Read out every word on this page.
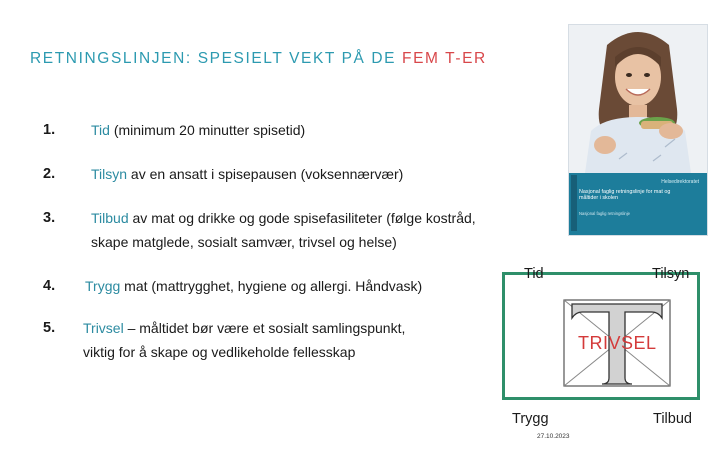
RETNINGSLINJEN: SPESIELT VEKT PÅ DE FEM T-ER
Helsedirektoratet
Nasjonal faglig retningslinje for mat og måltider i skolen
Nasjonal faglig retningslinje
1.	Tid (minimum 20 minutter spisetid)
2.	Tilsyn av en ansatt i spisepausen (voksennærvær)
3.	Tilbud av mat og drikke og gode spisefasiliteter (følge kostråd,
skape matglede, sosialt samvær, trivsel og helse)
4. Trygg mat (mattrygghet, hygiene og allergi. Håndvask)
5. Trivsel – måltidet bør være et sosialt samlingspunkt,
viktig for å skape og vedlikeholde fellesskap
Tid	Tilsyn
Trygg	Tilbud
TRIVSEL
27.10.2023
